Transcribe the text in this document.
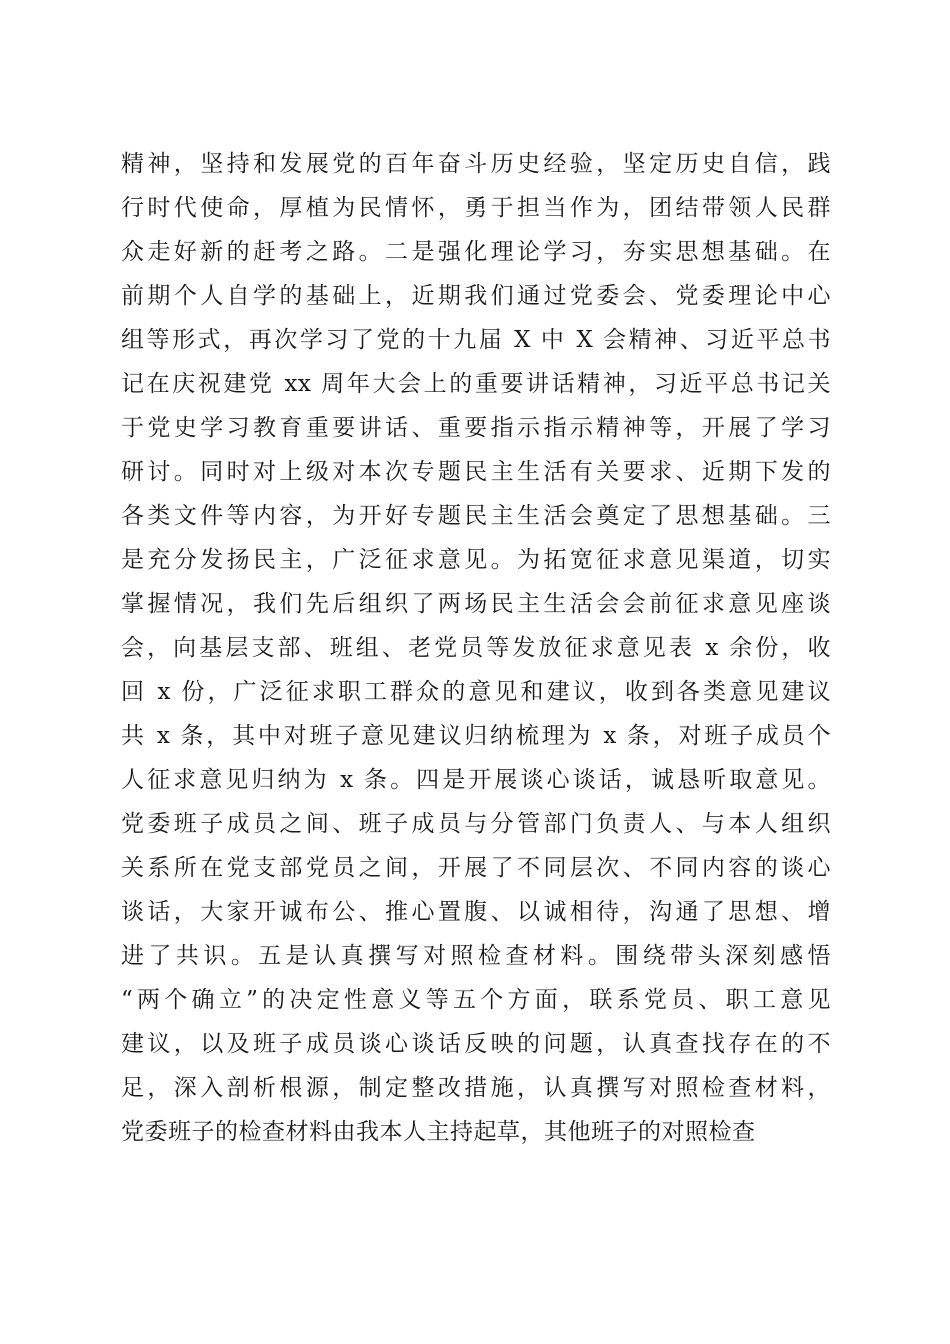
精神，坚持和发展党的百年奋斗历史经验，坚定历史自信，践
行时代使命，厚植为民情怀，勇于担当作为，团结带领人民群
众走好新的赶考之路。二是强化理论学习，夯实思想基础。在
前期个人自学的基础上，近期我们通过党委会、党委理论中心
组等形式，再次学习了党的十九届 X 中 X 会精神、习近平总书
记在庆祝建党 xx 周年大会上的重要讲话精神，习近平总书记关
于党史学习教育重要讲话、重要指示指示精神等，开展了学习
研讨。同时对上级对本次专题民主生活有关要求、近期下发的
各类文件等内容，为开好专题民主生活会奠定了思想基础。三
是充分发扬民主，广泛征求意见。为拓宽征求意见渠道，切实
掌握情况，我们先后组织了两场民主生活会会前征求意见座谈
会，向基层支部、班组、老党员等发放征求意见表 x 余份，收
回 x 份，广泛征求职工群众的意见和建议，收到各类意见建议
共 x 条，其中对班子意见建议归纳梳理为 x 条，对班子成员个
人征求意见归纳为 x 条。四是开展谈心谈话，诚恳听取意见。
党委班子成员之间、班子成员与分管部门负责人、与本人组织
关系所在党支部党员之间，开展了不同层次、不同内容的谈心
谈话，大家开诚布公、推心置腹、以诚相待，沟通了思想、增
进了共识。五是认真撰写对照检查材料。围绕带头深刻感悟
“两个确立”的决定性意义等五个方面，联系党员、职工意见
建议，以及班子成员谈心谈话反映的问题，认真查找存在的不
足，深入剖析根源，制定整改措施，认真撰写对照检查材料，
党委班子的检查材料由我本人主持起草，其他班子的对照检查
